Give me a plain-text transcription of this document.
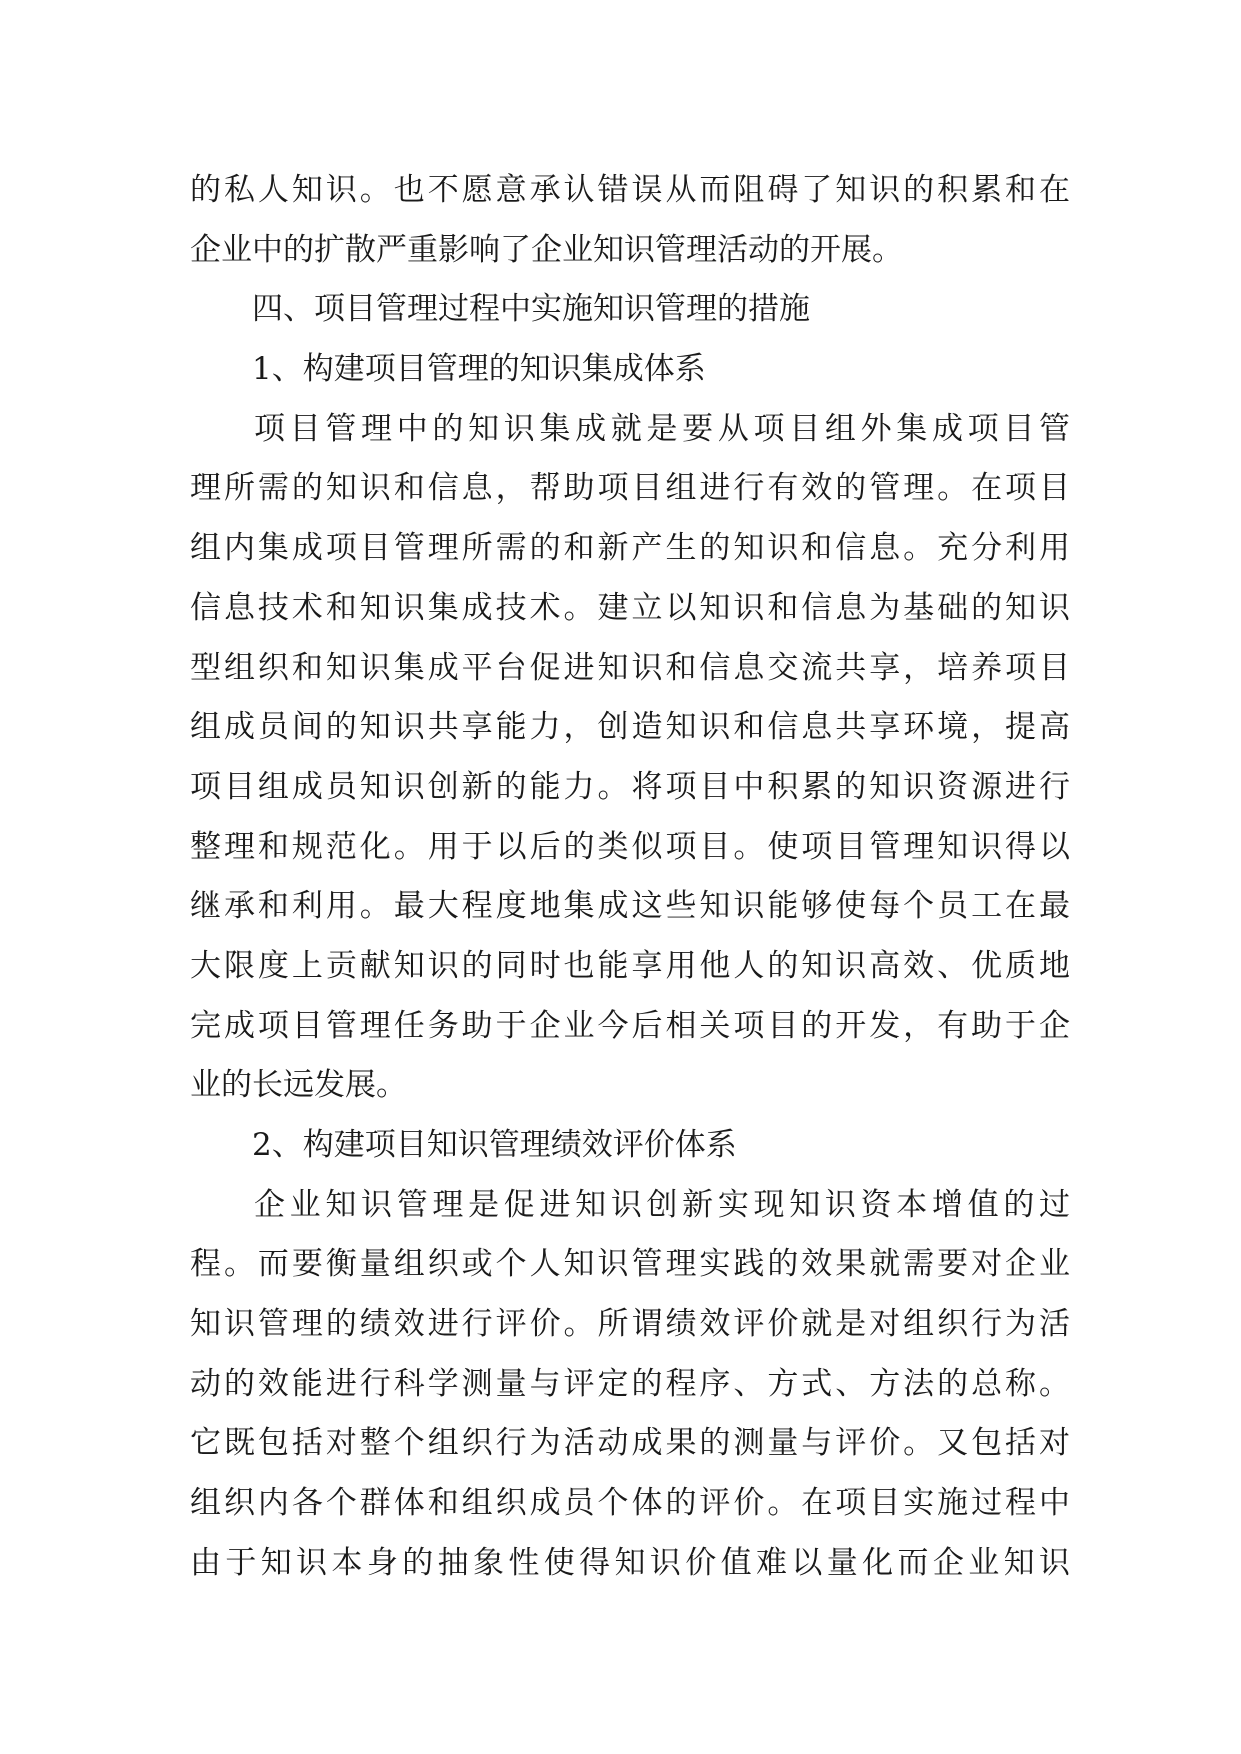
的私人知识。也不愿意承认错误从而阻碍了知识的积累和在
企业中的扩散严重影响了企业知识管理活动的开展。
四、项目管理过程中实施知识管理的措施
1、构建项目管理的知识集成体系
项目管理中的知识集成就是要从项目组外集成项目管
理所需的知识和信息，帮助项目组进行有效的管理。在项目
组内集成项目管理所需的和新产生的知识和信息。充分利用
信息技术和知识集成技术。建立以知识和信息为基础的知识
型组织和知识集成平台促进知识和信息交流共享，培养项目
组成员间的知识共享能力，创造知识和信息共享环境，提高
项目组成员知识创新的能力。将项目中积累的知识资源进行
整理和规范化。用于以后的类似项目。使项目管理知识得以
继承和利用。最大程度地集成这些知识能够使每个员工在最
大限度上贡献知识的同时也能享用他人的知识高效、优质地
完成项目管理任务助于企业今后相关项目的开发，有助于企
业的长远发展。
2、构建项目知识管理绩效评价体系
企业知识管理是促进知识创新实现知识资本增值的过
程。而要衡量组织或个人知识管理实践的效果就需要对企业
知识管理的绩效进行评价。所谓绩效评价就是对组织行为活
动的效能进行科学测量与评定的程序、方式、方法的总称。
它既包括对整个组织行为活动成果的测量与评价。又包括对
组织内各个群体和组织成员个体的评价。在项目实施过程中
由于知识本身的抽象性使得知识价值难以量化而企业知识
